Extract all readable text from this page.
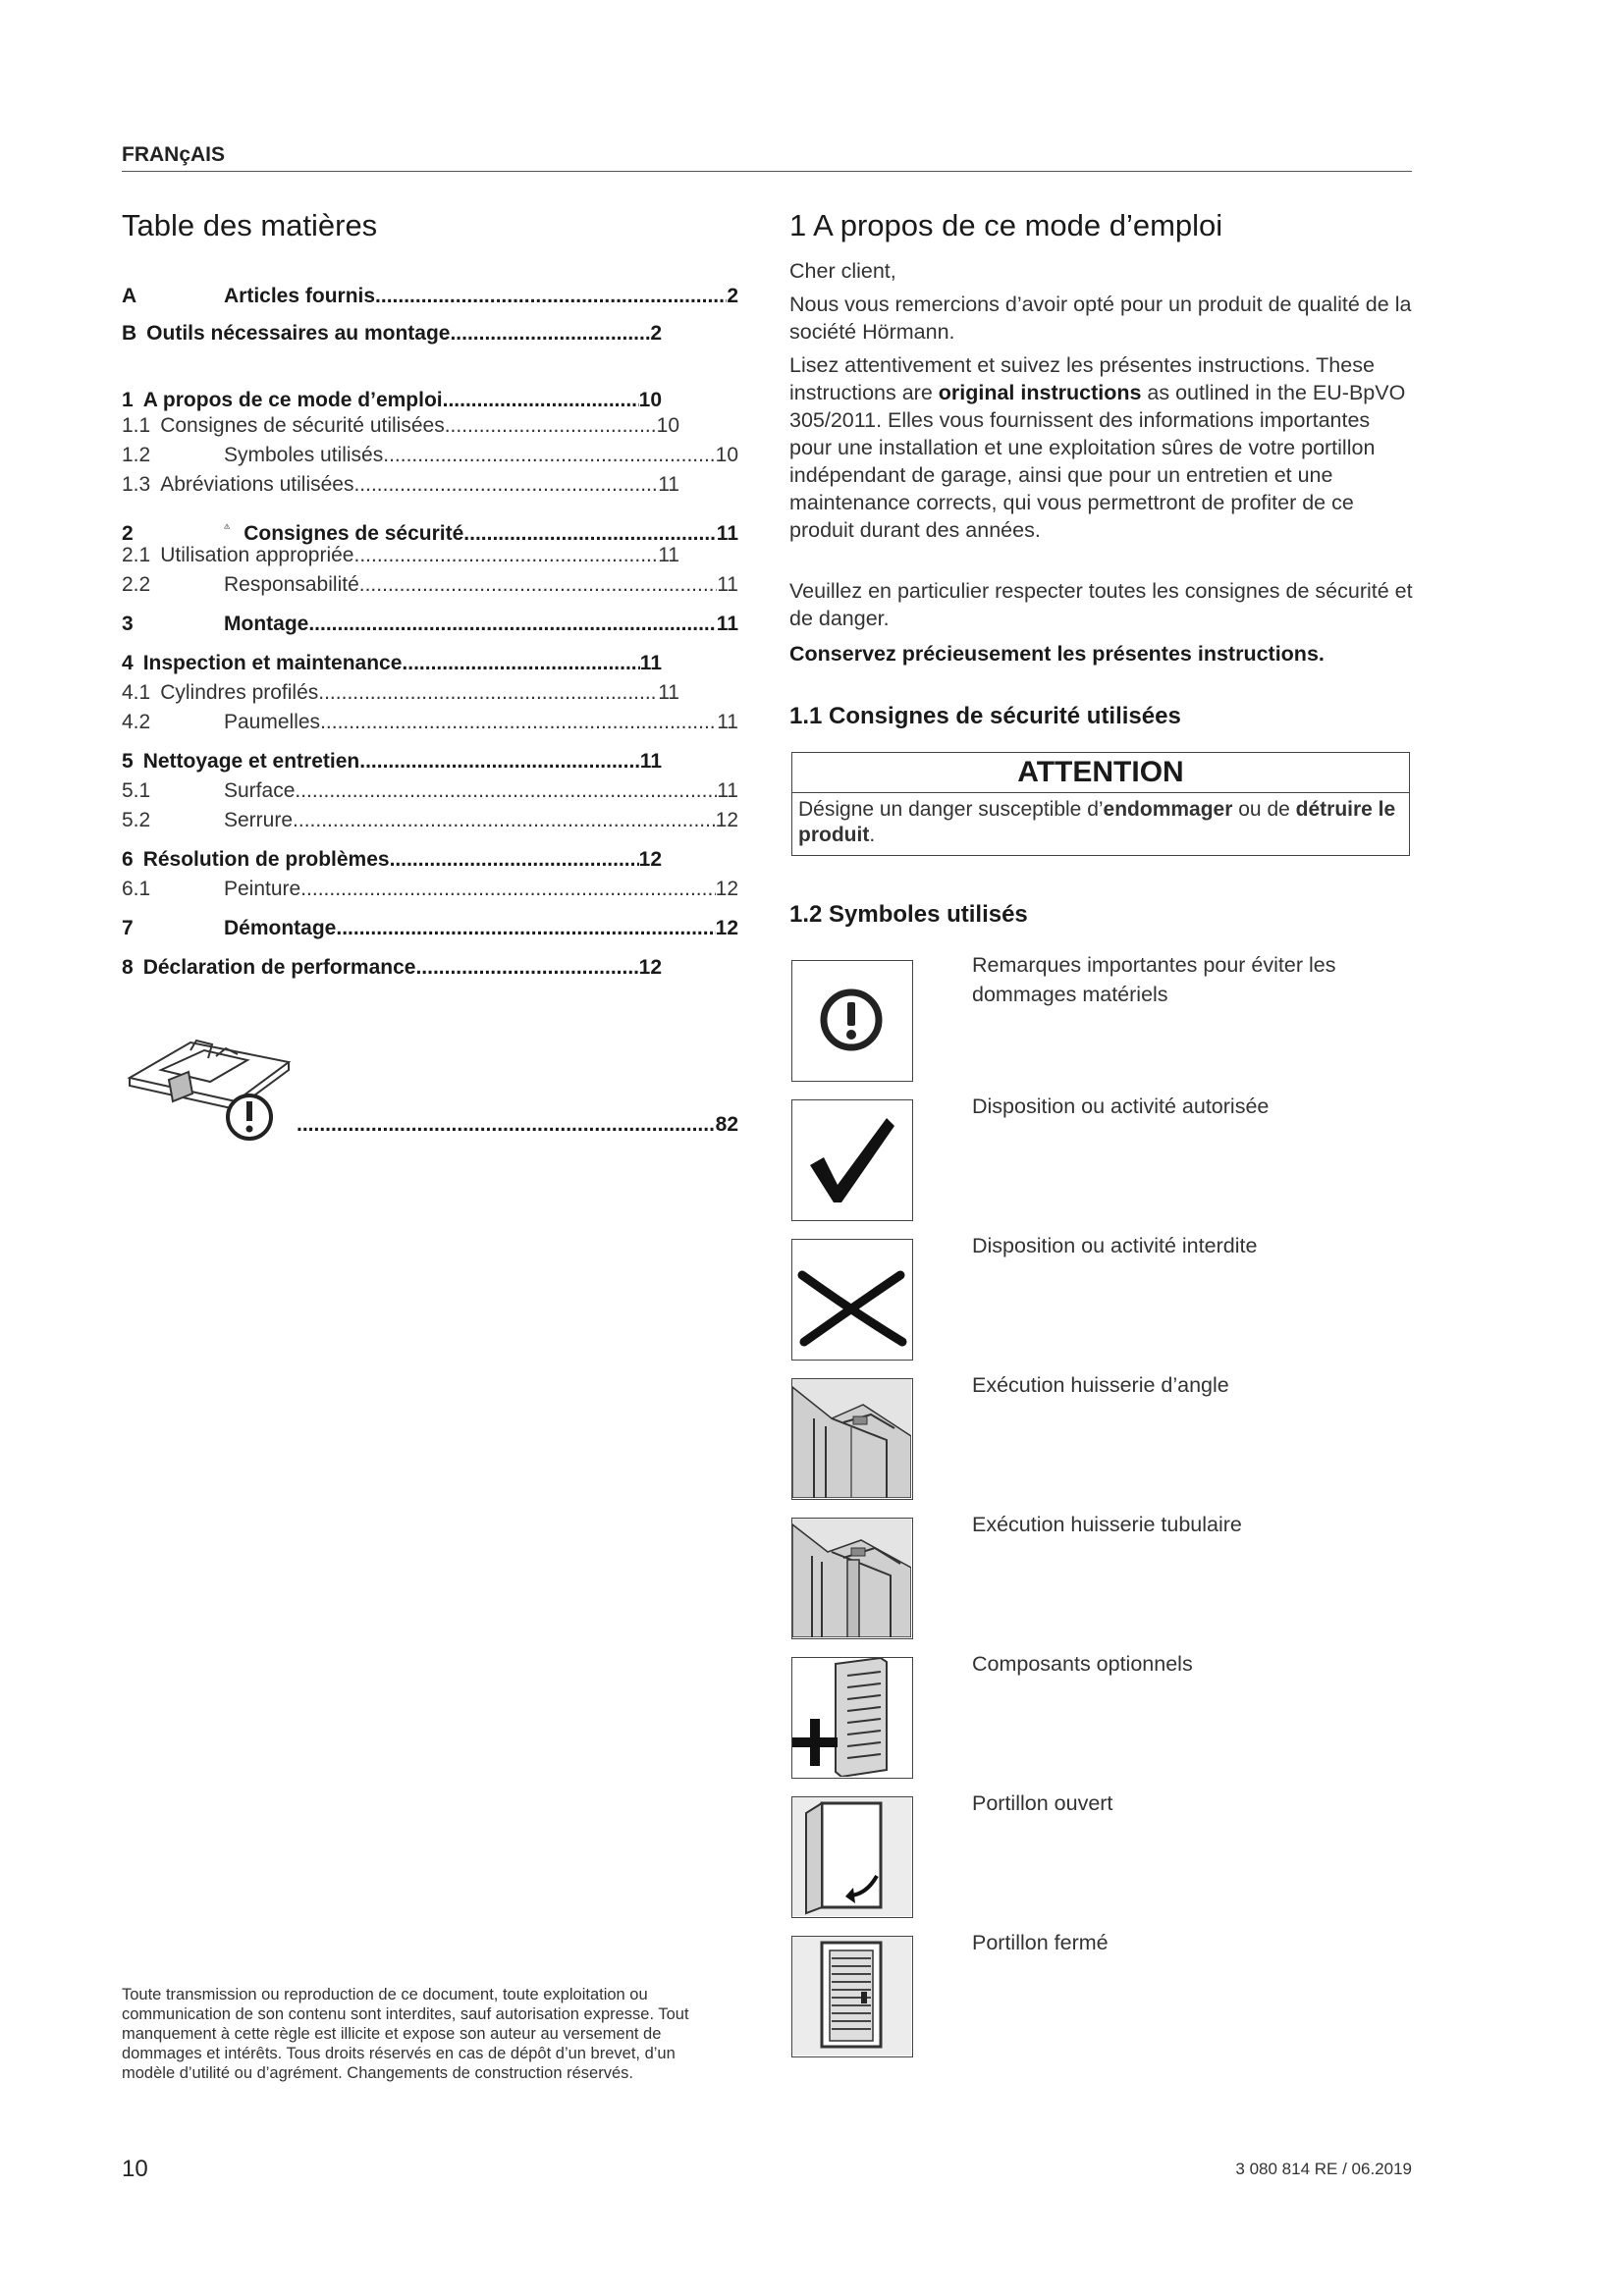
FRANçAIS
Table des matières
A	Articles fournis .....	2
B Outils nécessaires au montage .....	2
1 A propos de ce mode d’emploi .....	10
1.1 Consignes de sécurité utilisées .....	10
1.2	Symboles utilisés .....	10
1.3 Abréviations utilisées .....	11
2	Consignes de sécurité .....	11
2.1 Utilisation appropriée .....	11
2.2	Responsabilité .....	11
3	Montage .....	11
4 Inspection et maintenance .....	11
4.1 Cylindres profilés .....	11
4.2	Paumelles .....	11
5 Nettoyage et entretien .....	11
5.1	Surface .....	11
5.2	Serrure .....	12
6 Résolution de problèmes .....	12
6.1	Peinture .....	12
7	Démontage .....	12
8 Déclaration de performance .....	12
.....
82
Toute transmission ou reproduction de ce document, toute exploitation ou communication de son contenu sont interdites, sauf autorisation expresse. Tout manquement à cette règle est illicite et expose son auteur au versement de dommages et intérêts. Tous droits réservés en cas de dépôt d’un brevet, d’un modèle d’utilité ou d’agrément. Changements de construction réservés.
10	3 080 814 RE / 06.2019
1 A propos de ce mode d’emploi
Cher client,
Nous vous remercions d’avoir opté pour un produit de qualité de la société Hörmann.
Lisez attentivement et suivez les présentes instructions. These instructions are original instructions as outlined in the EU-BpVO 305/2011. Elles vous fournissent des informations importantes pour une installation et une exploitation sûres de votre portillon indépendant de garage, ainsi que pour un entretien et une maintenance corrects, qui vous permettront de profiter de ce produit durant des années.
Veuillez en particulier respecter toutes les consignes de sécurité et de danger.
Conservez précieusement les présentes instructions.
1.1 Consignes de sécurité utilisées
ATTENTION
Désigne un danger susceptible d’endommager ou de détruire le produit.
1.2 Symboles utilisés
Remarques importantes pour éviter les dommages matériels
Disposition ou activité autorisée
Disposition ou activité interdite
Exécution huisserie d’angle
Exécution huisserie tubulaire
Composants optionnels
Portillon ouvert
Portillon fermé
